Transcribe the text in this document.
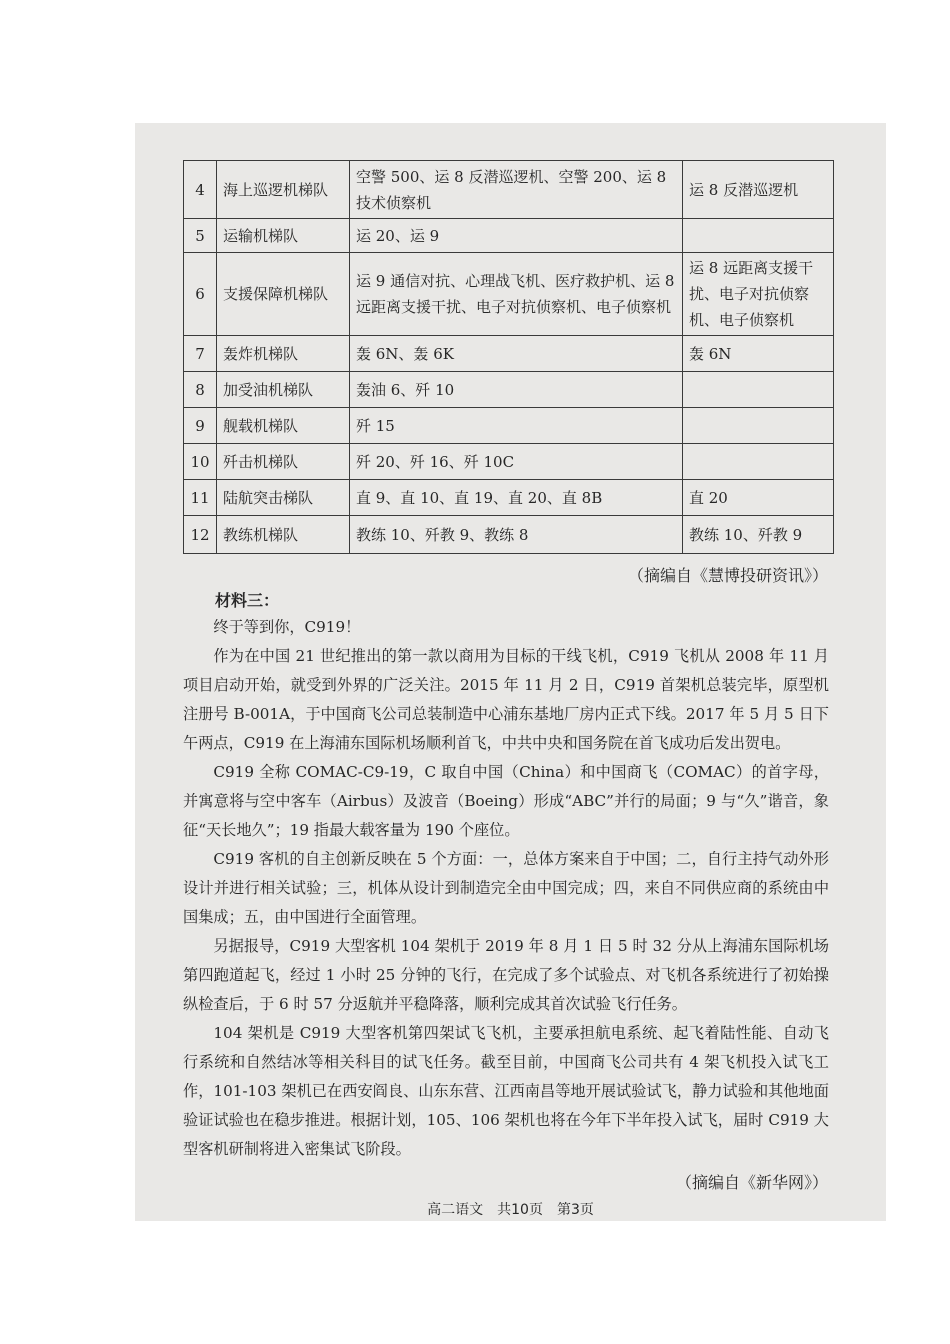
4	海上巡逻机梯队	空警 500、运 8 反潜巡逻机、空警 200、运 8 技术侦察机	运 8 反潜巡逻机
5	运输机梯队	运 20、运 9	
6	支援保障机梯队	运 9 通信对抗、心理战飞机、医疗救护机、运 8 远距离支援干扰、电子对抗侦察机、电子侦察机	运 8 远距离支援干扰、电子对抗侦察机、电子侦察机
7	轰炸机梯队	轰 6N、轰 6K	轰 6N
8	加受油机梯队	轰油 6、歼 10	
9	舰载机梯队	歼 15	
10	歼击机梯队	歼 20、歼 16、歼 10C	
11	陆航突击梯队	直 9、直 10、直 19、直 20、直 8B	直 20
12	教练机梯队	教练 10、歼教 9、教练 8	教练 10、歼教 9
（摘编自《慧博投研资讯》）
材料三：

终于等到你，C919！

作为在中国 21 世纪推出的第一款以商用为目标的干线飞机，C919 飞机从 2008 年 11 月项目启动开始，就受到外界的广泛关注。2015 年 11 月 2 日，C919 首架机总装完毕，原型机注册号 B-001A，于中国商飞公司总装制造中心浦东基地厂房内正式下线。2017 年 5 月 5 日下午两点，C919 在上海浦东国际机场顺利首飞，中共中央和国务院在首飞成功后发出贺电。

C919 全称 COMAC-C9-19，C 取自中国（China）和中国商飞（COMAC）的首字母，并寓意将与空中客车（Airbus）及波音（Boeing）形成“ABC”并行的局面；9 与“久”谐音，象征“天长地久”；19 指最大载客量为 190 个座位。

C919 客机的自主创新反映在 5 个方面：一，总体方案来自于中国；二，自行主持气动外形设计并进行相关试验；三，机体从设计到制造完全由中国完成；四，来自不同供应商的系统由中国集成；五，由中国进行全面管理。

另据报导，C919 大型客机 104 架机于 2019 年 8 月 1 日 5 时 32 分从上海浦东国际机场第四跑道起飞，经过 1 小时 25 分钟的飞行，在完成了多个试验点、对飞机各系统进行了初始操纵检查后，于 6 时 57 分返航并平稳降落，顺利完成其首次试验飞行任务。

104 架机是 C919 大型客机第四架试飞飞机，主要承担航电系统、起飞着陆性能、自动飞行系统和自然结冰等相关科目的试飞任务。截至目前，中国商飞公司共有 4 架飞机投入试飞工作，101-103 架机已在西安阎良、山东东营、江西南昌等地开展试验试飞，静力试验和其他地面验证试验也在稳步推进。根据计划，105、106 架机也将在今年下半年投入试飞，届时 C919 大型客机研制将进入密集试飞阶段。

（摘编自《新华网》）
高二语文　共10页　第3页
